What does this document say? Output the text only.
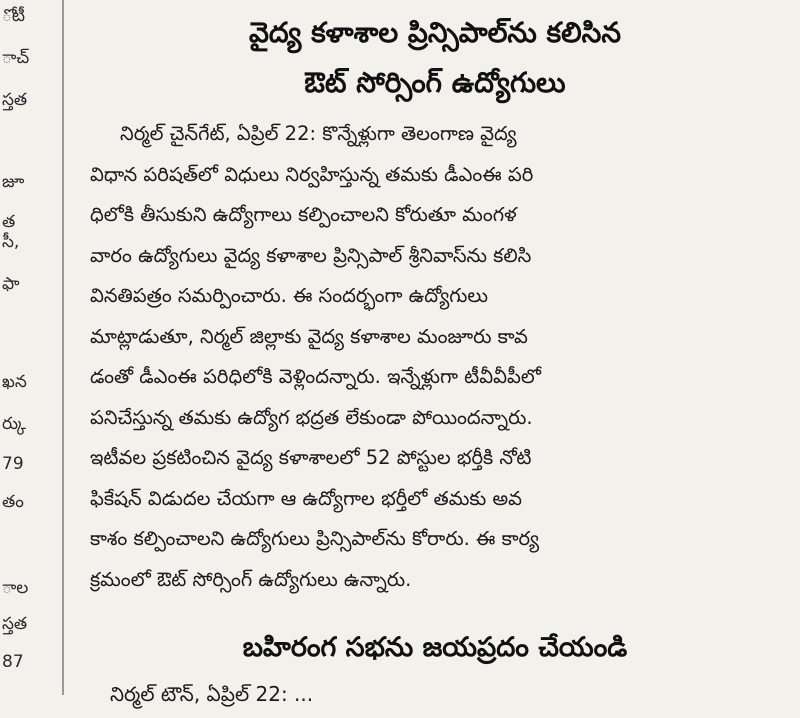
ోటీ
ాచ్
స్తత
జూ
త
సీ,
ఫా
ఖన
ర్కు
79
తం
ాల
స్తత
87
వైద్య కళాశాల ప్రిన్సిపాల్‌ను కలిసిన
ఔట్ సోర్సింగ్ ఉద్యోగులు
నిర్మల్ చైన్‌గేట్, ఏప్రిల్ 22: కొన్నేళ్లుగా తెలంగాణ వైద్య
విధాన పరిషత్‌లో విధులు నిర్వహిస్తున్న తమకు డీఎంఈ పరి
ధిలోకి తీసుకుని ఉద్యోగాలు కల్పించాలని కోరుతూ మంగళ
వారం ఉద్యోగులు వైద్య కళాశాల ప్రిన్సిపాల్ శ్రీనివాస్‌ను కలిసి
వినతిపత్రం సమర్పించారు. ఈ సందర్భంగా ఉద్యోగులు
మాట్లాడుతూ, నిర్మల్ జిల్లాకు వైద్య కళాశాల మంజూరు కావ
డంతో డీఎంఈ పరిధిలోకి వెళ్లిందన్నారు. ఇన్నేళ్లుగా టీవీవీపీలో
పనిచేస్తున్న తమకు ఉద్యోగ భద్రత లేకుండా పోయిందన్నారు.
ఇటీవల ప్రకటించిన వైద్య కళాశాలలో 52 పోస్టుల భర్తీకి నోటి
ఫికేషన్ విడుదల చేయగా ఆ ఉద్యోగాల భర్తీలో తమకు అవ
కాశం కల్పించాలని ఉద్యోగులు ప్రిన్సిపాల్‌ను కోరారు. ఈ కార్య
క్రమంలో ఔట్ సోర్సింగ్ ఉద్యోగులు ఉన్నారు.
బహిరంగ సభను జయప్రదం చేయండి
నిర్మల్ టౌన్, ఏప్రిల్ 22: ...
